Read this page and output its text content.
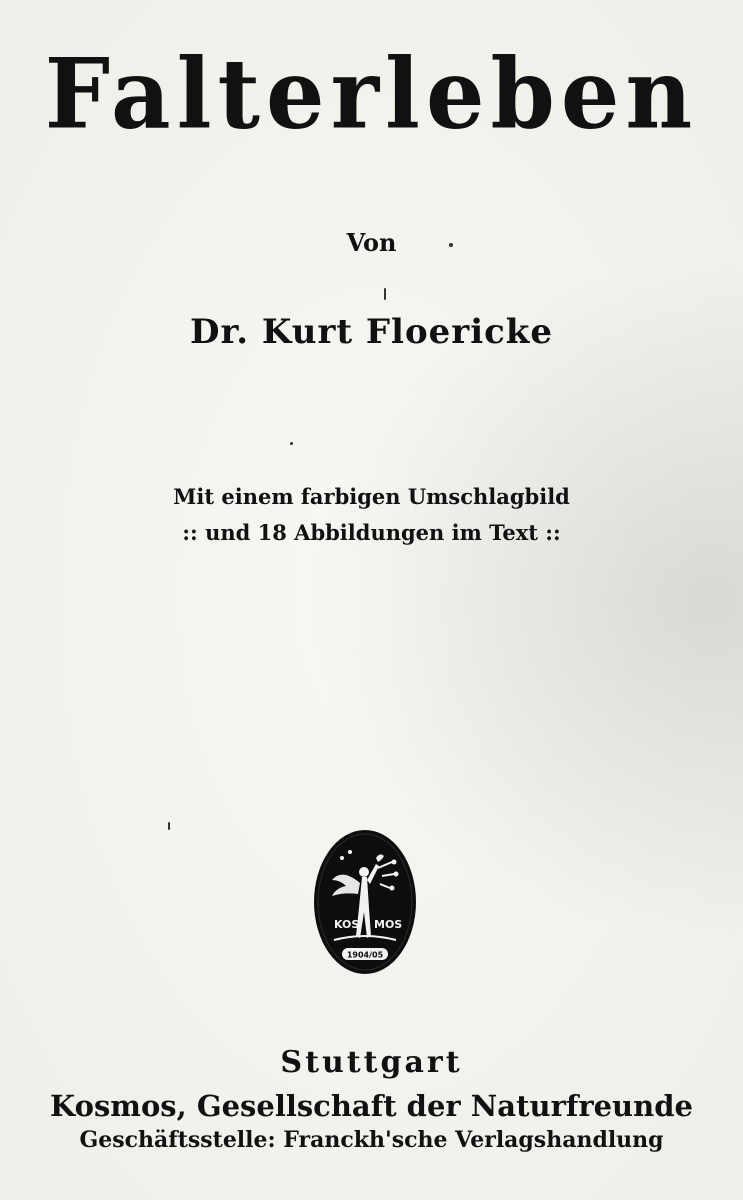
Falterleben
Von
Dr. Kurt Floericke
Mit einem farbigen Umschlagbild
:: und 18 Abbildungen im Text ::
KOS MOS
1904/05
Stuttgart
Kosmos, Gesellschaft der Naturfreunde
Geschäftsstelle: Franckh'sche Verlagshandlung
